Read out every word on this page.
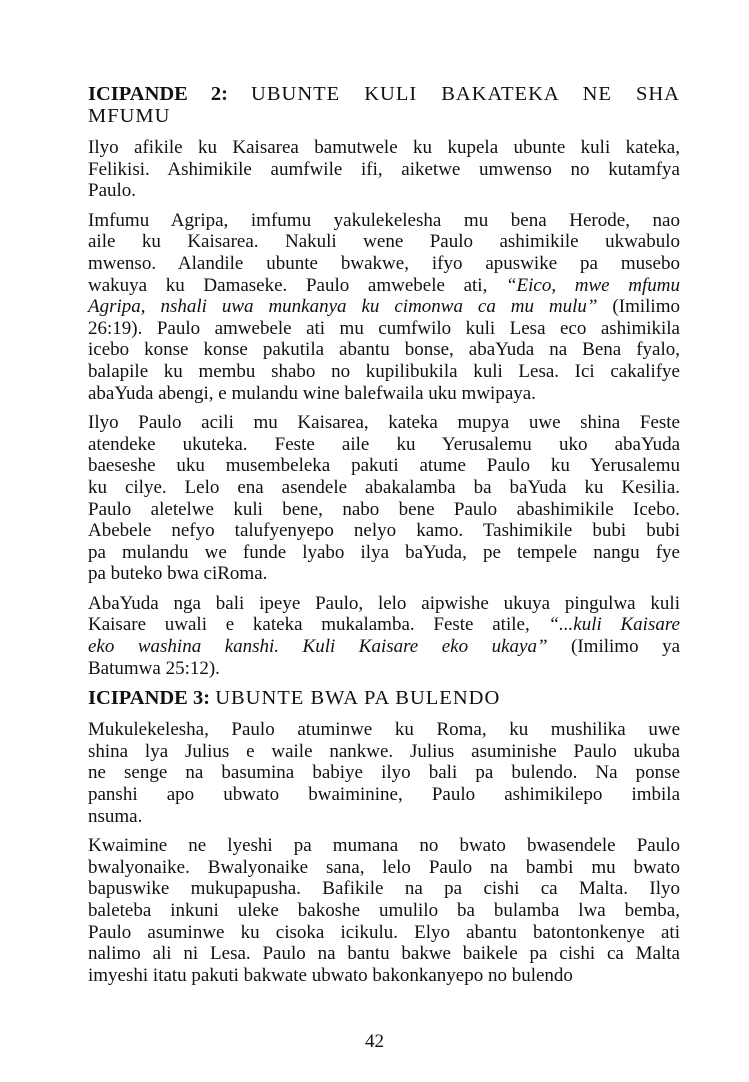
ICIPANDE 2: UBUNTE KULI BAKATEKA NE SHA
MFUMU
Ilyo afikile ku Kaisarea bamutwele ku kupela ubunte kuli kateka,
Felikisi. Ashimikile aumfwile ifi, aiketwe umwenso no kutamfya
Paulo.
Imfumu Agripa, imfumu yakulekelesha mu bena Herode, nao
aile ku Kaisarea. Nakuli wene Paulo ashimikile ukwabulo
mwenso. Alandile ubunte bwakwe, ifyo apuswike pa musebo
wakuya ku Damaseke. Paulo amwebele ati, “Eico, mwe mfumu
Agripa, nshali uwa munkanya ku cimonwa ca mu mulu” (Imilimo
26:19). Paulo amwebele ati mu cumfwilo kuli Lesa eco ashimikila
icebo konse konse pakutila abantu bonse, abaYuda na Bena fyalo,
balapile ku membu shabo no kupilibukila kuli Lesa. Ici cakalifye
abaYuda abengi, e mulandu wine balefwaila uku mwipaya.
Ilyo Paulo acili mu Kaisarea, kateka mupya uwe shina Feste
atendeke ukuteka. Feste aile ku Yerusalemu uko abaYuda
baeseshe uku musembeleka pakuti atume Paulo ku Yerusalemu
ku cilye. Lelo ena asendele abakalamba ba baYuda ku Kesilia.
Paulo aletelwe kuli bene, nabo bene Paulo abashimikile Icebo.
Abebele nefyo talufyenyepo nelyo kamo. Tashimikile bubi bubi
pa mulandu we funde lyabo ilya baYuda, pe tempele nangu fye
pa buteko bwa ciRoma.
AbaYuda nga bali ipeye Paulo, lelo aipwishe ukuya pingulwa kuli
Kaisare uwali e kateka mukalamba. Feste atile, “...kuli Kaisare
eko washina kanshi. Kuli Kaisare eko ukaya” (Imilimo ya
Batumwa 25:12).
ICIPANDE 3: UBUNTE BWA PA BULENDO
Mukulekelesha, Paulo atuminwe ku Roma, ku mushilika uwe
shina lya Julius e waile nankwe. Julius asuminishe Paulo ukuba
ne senge na basumina babiye ilyo bali pa bulendo. Na ponse
panshi apo ubwato bwaiminine, Paulo ashimikilepo imbila
nsuma.
Kwaimine ne lyeshi pa mumana no bwato bwasendele Paulo
bwalyonaike. Bwalyonaike sana, lelo Paulo na bambi mu bwato
bapuswike mukupapusha. Bafikile na pa cishi ca Malta. Ilyo
baleteba inkuni uleke bakoshe umulilo ba bulamba lwa bemba,
Paulo asuminwe ku cisoka icikulu. Elyo abantu batontonkenye ati
nalimo ali ni Lesa. Paulo na bantu bakwe baikele pa cishi ca Malta
imyeshi itatu pakuti bakwate ubwato bakonkanyepo no bulendo
42
